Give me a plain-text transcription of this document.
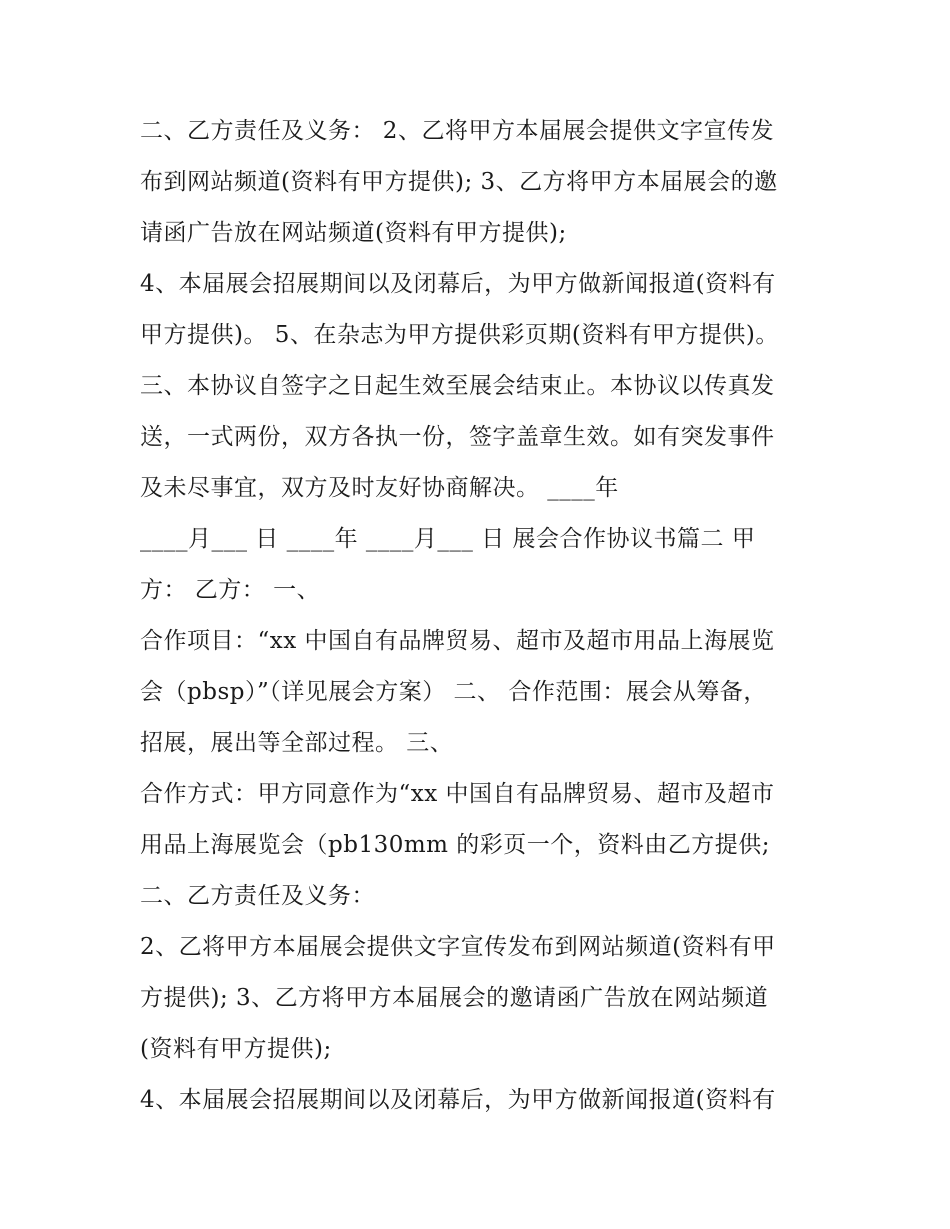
二、乙方责任及义务： 2、乙将甲方本届展会提供文字宣传发
布到网站频道(资料有甲方提供); 3、乙方将甲方本届展会的邀
请函广告放在网站频道(资料有甲方提供);
4、本届展会招展期间以及闭幕后，为甲方做新闻报道(资料有
甲方提供)。 5、在杂志为甲方提供彩页期(资料有甲方提供)。
三、本协议自签字之日起生效至展会结束止。本协议以传真发
送，一式两份，双方各执一份，签字盖章生效。如有突发事件
及未尽事宜，双方及时友好协商解决。 ____年
____月___ 日 ____年 ____月___ 日 展会合作协议书篇二 甲
方： 乙方： 一、
合作项目：“xx 中国自有品牌贸易、超市及超市用品上海展览
会（pbsp）”（详见展会方案） 二、 合作范围：展会从筹备，
招展，展出等全部过程。 三、
合作方式：甲方同意作为“xx 中国自有品牌贸易、超市及超市
用品上海展览会（pb130mm 的彩页一个，资料由乙方提供;
二、乙方责任及义务：
2、乙将甲方本届展会提供文字宣传发布到网站频道(资料有甲
方提供); 3、乙方将甲方本届展会的邀请函广告放在网站频道
(资料有甲方提供);
4、本届展会招展期间以及闭幕后，为甲方做新闻报道(资料有
